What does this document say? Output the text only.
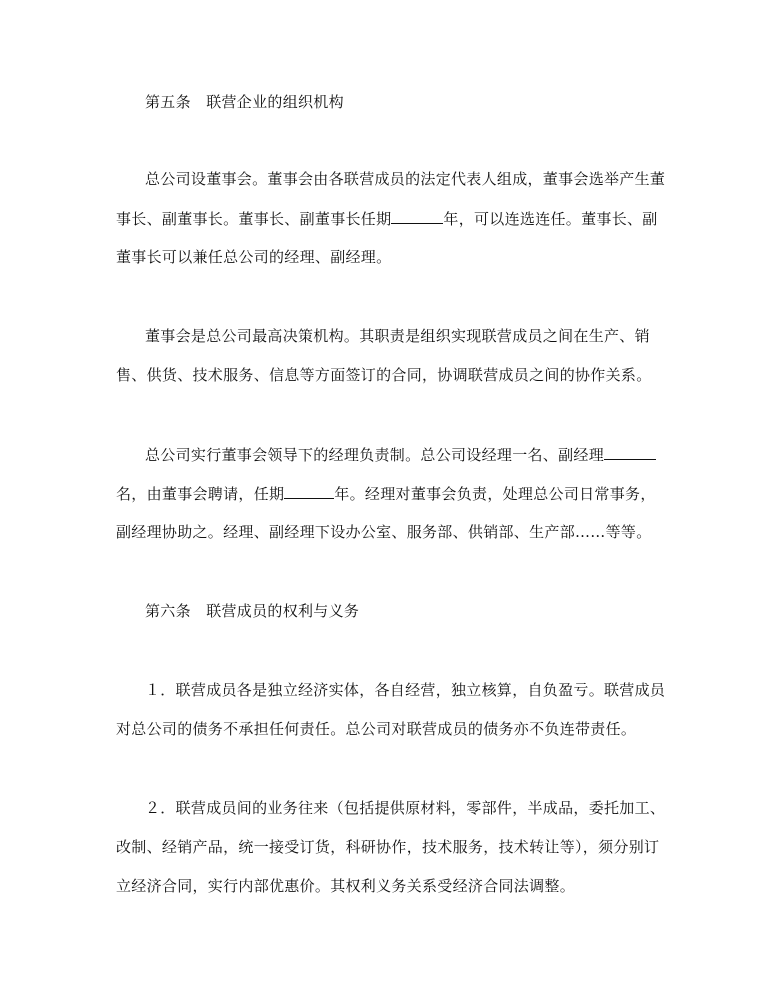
第五条　联营企业的组织机构
总公司设董事会。董事会由各联营成员的法定代表人组成，董事会选举产生董
事长、副董事长。董事长、副董事长任期	年，可以连选连任。董事长、副
董事长可以兼任总公司的经理、副经理。
董事会是总公司最高决策机构。其职责是组织实现联营成员之间在生产、销
售、供货、技术服务、信息等方面签订的合同，协调联营成员之间的协作关系。
总公司实行董事会领导下的经理负责制。总公司设经理一名、副经理
名，由董事会聘请，任期	年。经理对董事会负责，处理总公司日常事务，
副经理协助之。经理、副经理下设办公室、服务部、供销部、生产部……等等。
第六条　联营成员的权利与义务
１．联营成员各是独立经济实体，各自经营，独立核算，自负盈亏。联营成员
对总公司的债务不承担任何责任。总公司对联营成员的债务亦不负连带责任。
２．联营成员间的业务往来（包括提供原材料，零部件，半成品，委托加工、
改制、经销产品，统一接受订货，科研协作，技术服务，技术转让等），须分别订
立经济合同，实行内部优惠价。其权利义务关系受经济合同法调整。
